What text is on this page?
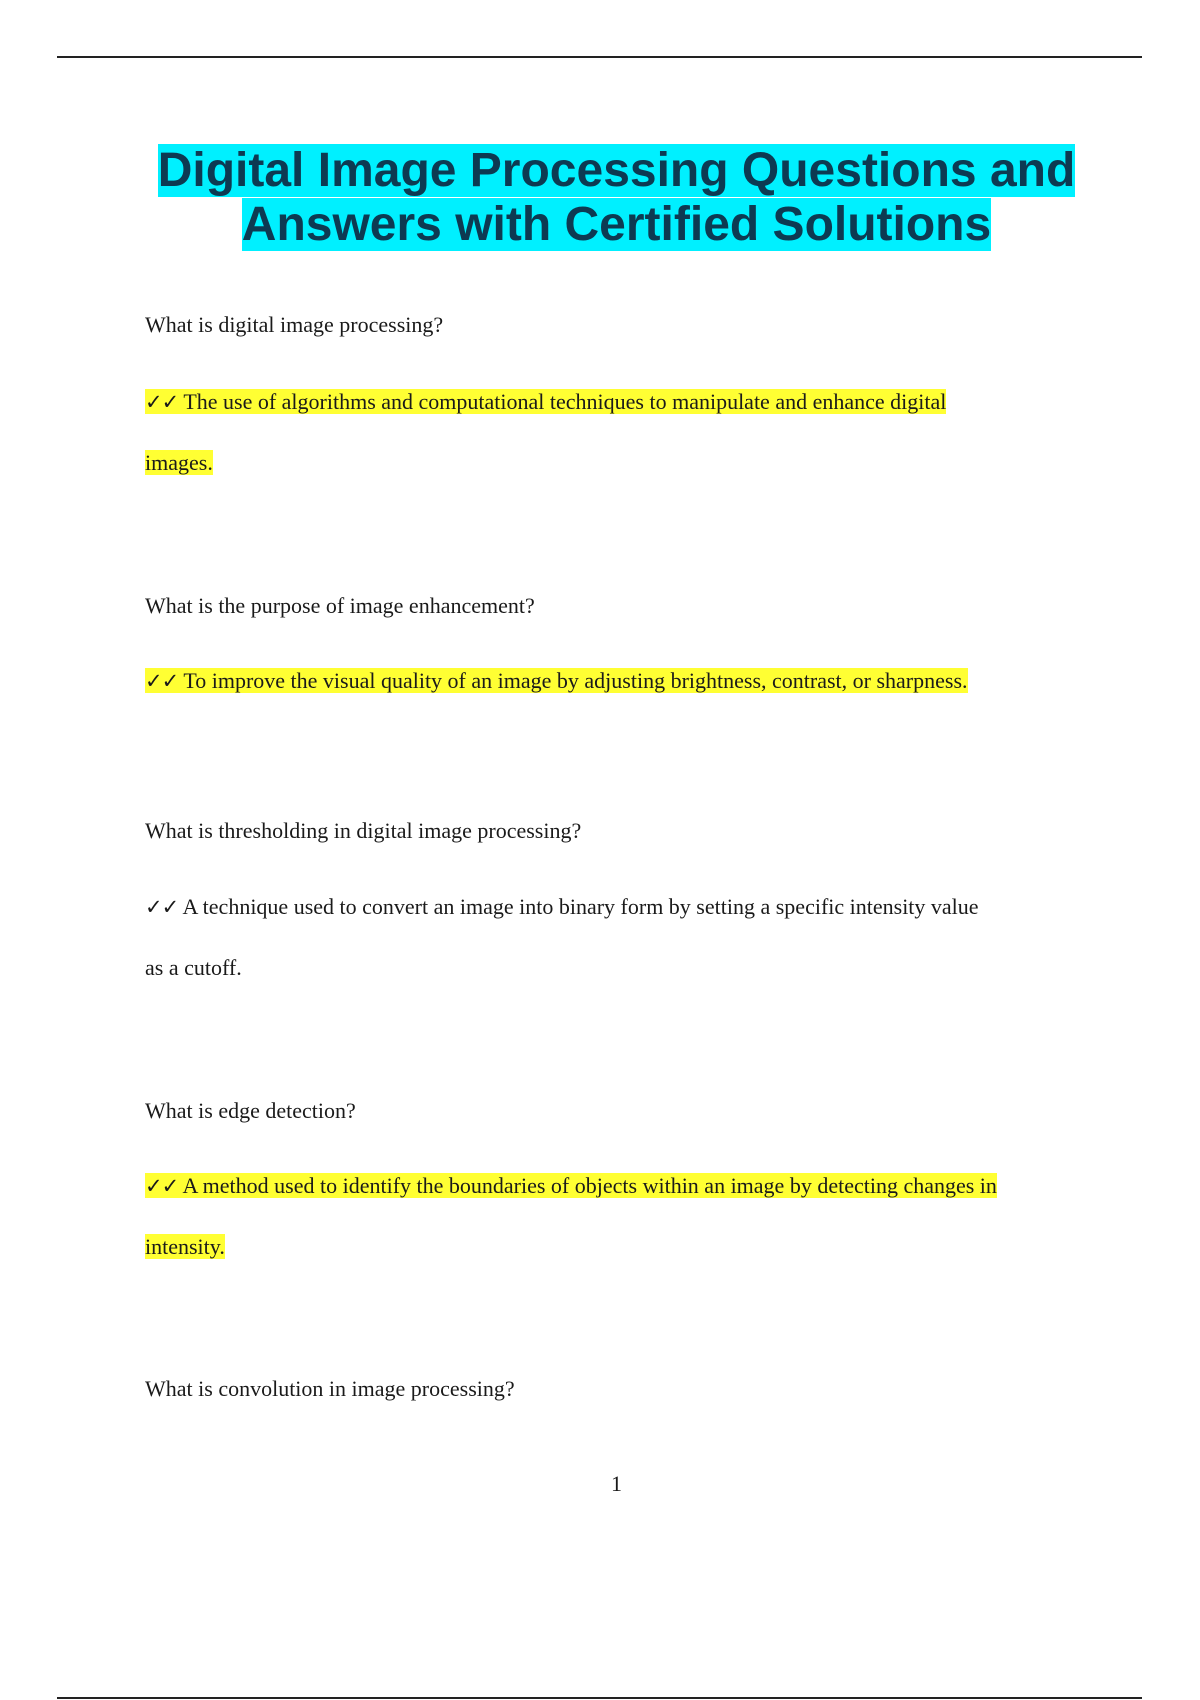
Digital Image Processing Questions and
Answers with Certified Solutions

What is digital image processing?

✓✓ The use of algorithms and computational techniques to manipulate and enhance digital

images.

What is the purpose of image enhancement?

✓✓ To improve the visual quality of an image by adjusting brightness, contrast, or sharpness.

What is thresholding in digital image processing?

✓✓ A technique used to convert an image into binary form by setting a specific intensity value

as a cutoff.

What is edge detection?

✓✓ A method used to identify the boundaries of objects within an image by detecting changes in

intensity.

What is convolution in image processing?

1
